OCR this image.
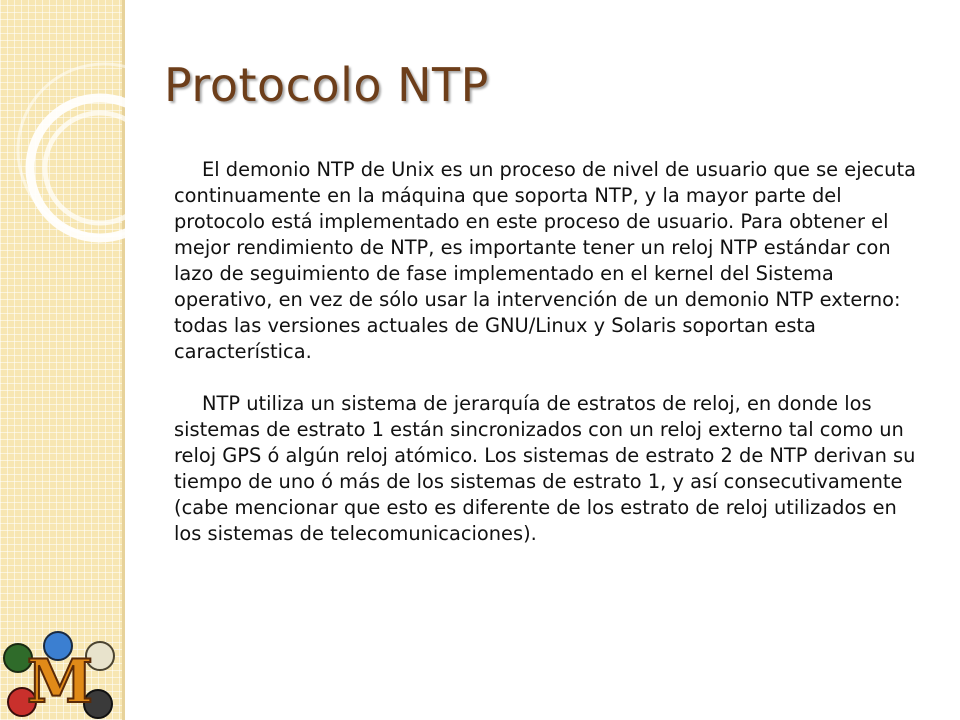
M
Protocolo NTP

El demonio NTP de Unix es un proceso de nivel de usuario que se ejecuta continuamente en la máquina que soporta NTP, y la mayor parte del protocolo está implementado en este proceso de usuario. Para obtener el mejor rendimiento de NTP, es importante tener un reloj NTP estándar con lazo de seguimiento de fase implementado en el kernel del Sistema operativo, en vez de sólo usar la intervención de un demonio NTP externo: todas las versiones actuales de GNU/Linux y Solaris soportan esta característica.

NTP utiliza un sistema de jerarquía de estratos de reloj, en donde los sistemas de estrato 1 están sincronizados con un reloj externo tal como un reloj GPS ó algún reloj atómico. Los sistemas de estrato 2 de NTP derivan su tiempo de uno ó más de los sistemas de estrato 1, y así consecutivamente (cabe mencionar que esto es diferente de los estrato de reloj utilizados en los sistemas de telecomunicaciones).
